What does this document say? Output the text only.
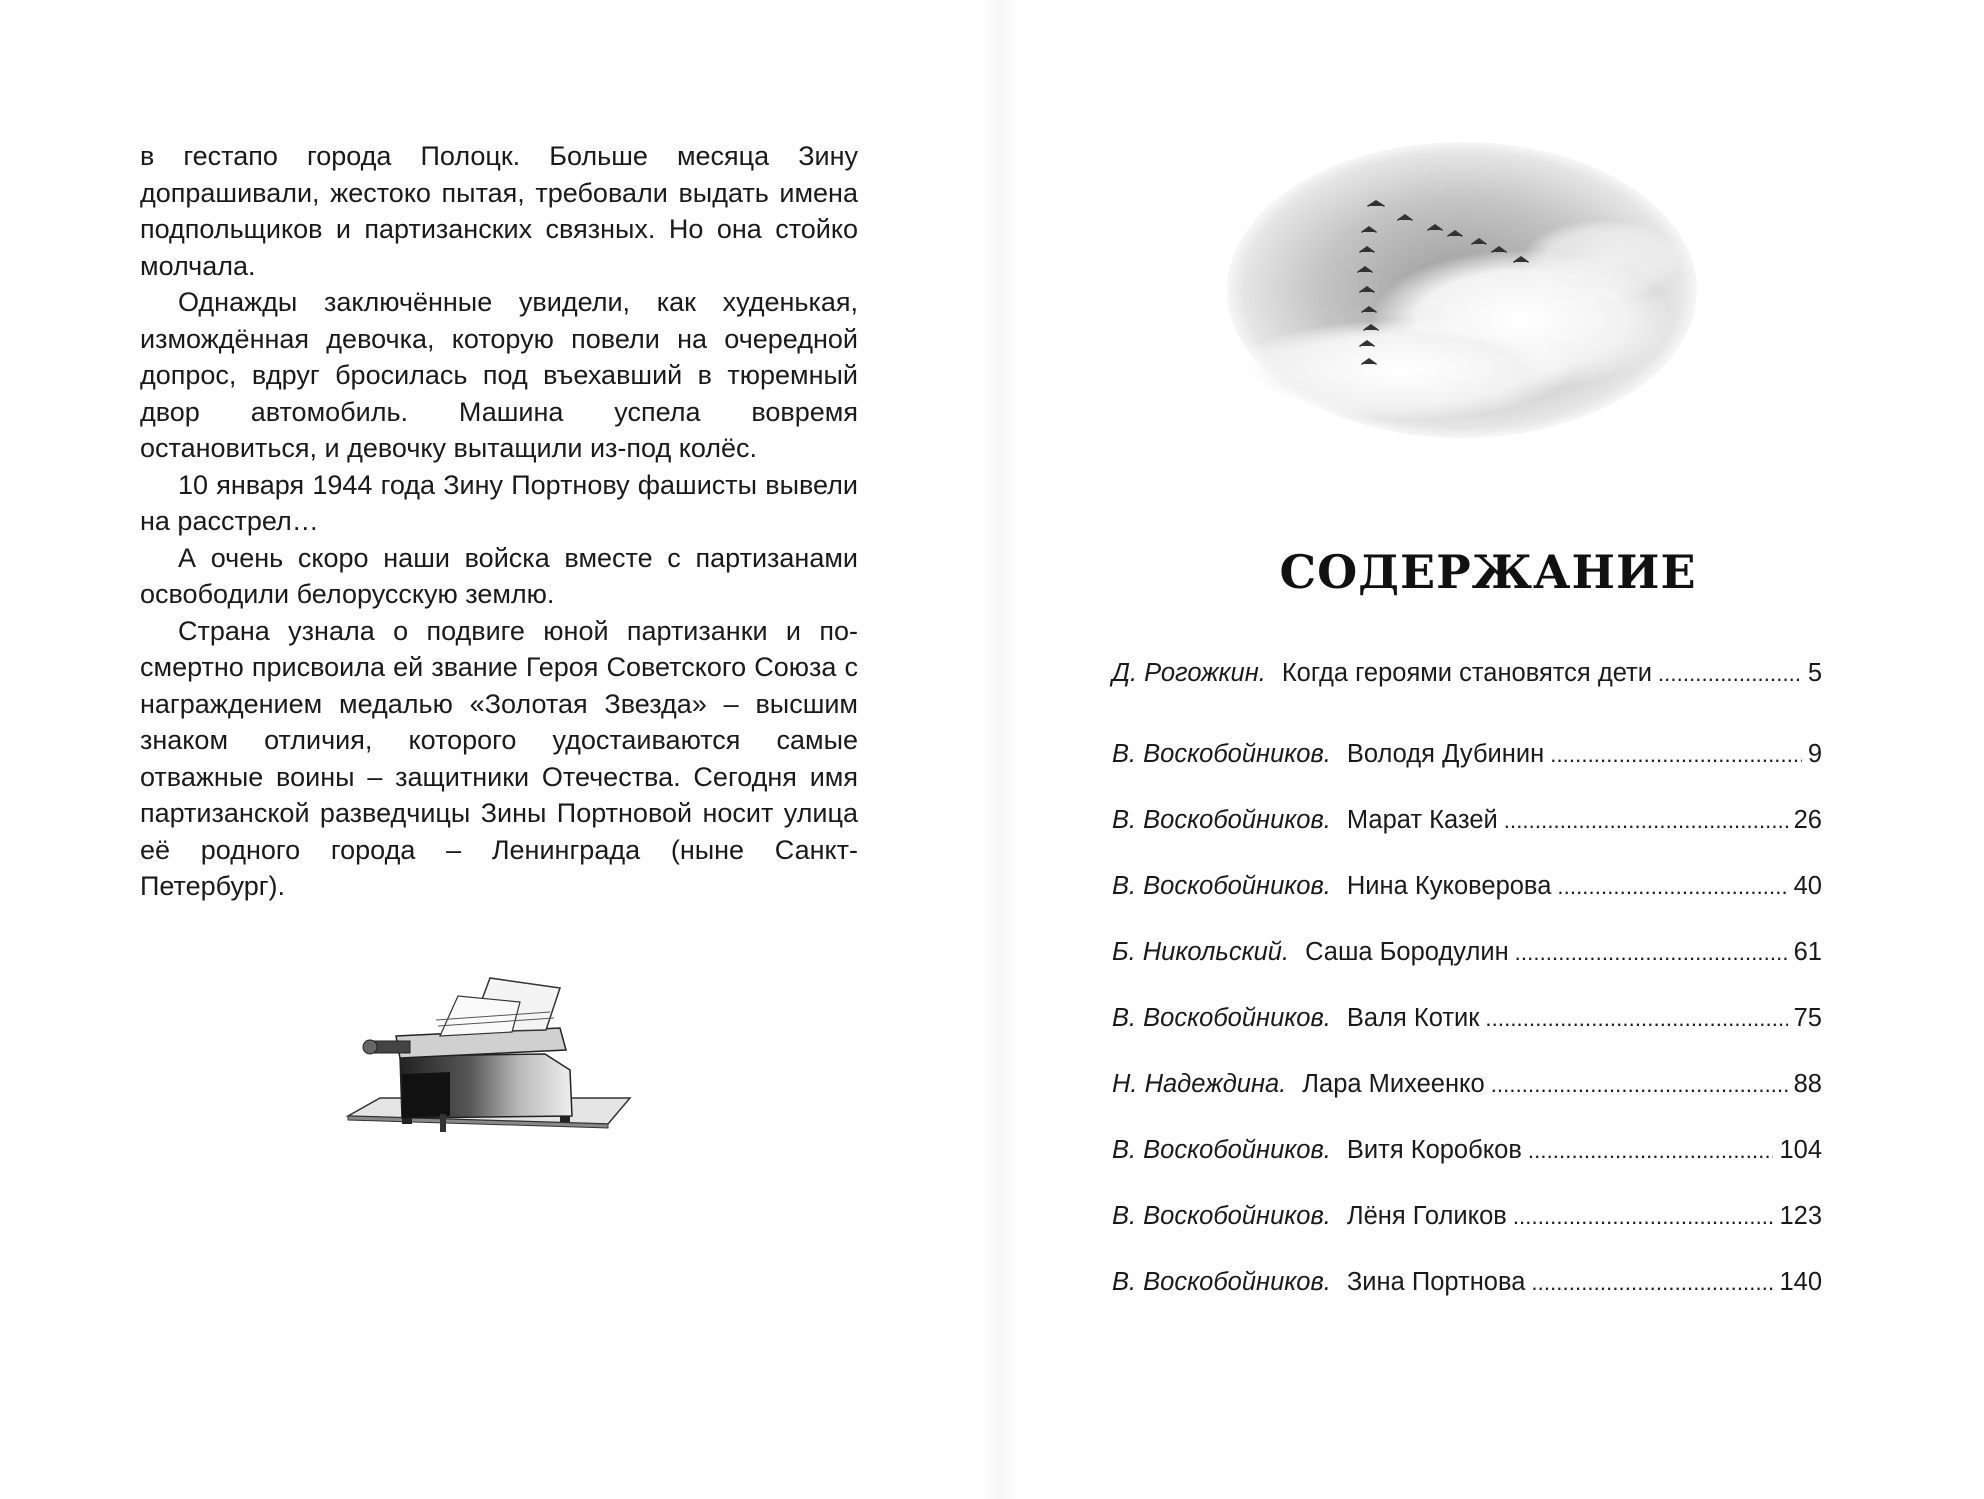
в гестапо города Полоцк. Больше месяца Зину допрашивали, жестоко пытая, требовали выдать имена подпольщиков и партизанских связных. Но она стойко молчала.

Однажды заключённые увидели, как худенькая, измождённая девочка, которую повели на очередной допрос, вдруг бросилась под въехавший в тюремный двор автомобиль. Машина успела вовремя остановиться, и девочку вытащили из-под колёс.

10 января 1944 года Зину Портнову фашисты вывели на расстрел…

А очень скоро наши войска вместе с партизанами освободили белорусскую землю.

Страна узнала о подвиге юной партизанки и посмертно присвоила ей звание Героя Советского Союза с награждением медалью «Золотая Звезда» – высшим знаком отличия, которого удостаиваются самые отважные воины – защитники Отечества. Сегодня имя партизанской разведчицы Зины Портновой носит улица её родного города – Ленинграда (ныне Санкт-Петербург).

СОДЕРЖАНИЕ
Д. Рогожкин. Когда героями становятся дети . . .	5
В. Воскобойников. Володя Дубинин . . .	9
В. Воскобойников. Марат Казей . . .	26
В. Воскобойников. Нина Куковерова . . .	40
Б. Никольский. Саша Бородулин . . .	61
В. Воскобойников. Валя Котик . . .	75
Н. Надеждина. Лара Михеенко . . .	88
В. Воскобойников. Витя Коробков . . .	104
В. Воскобойников. Лёня Голиков . . .	123
В. Воскобойников. Зина Портнова . . .	140
